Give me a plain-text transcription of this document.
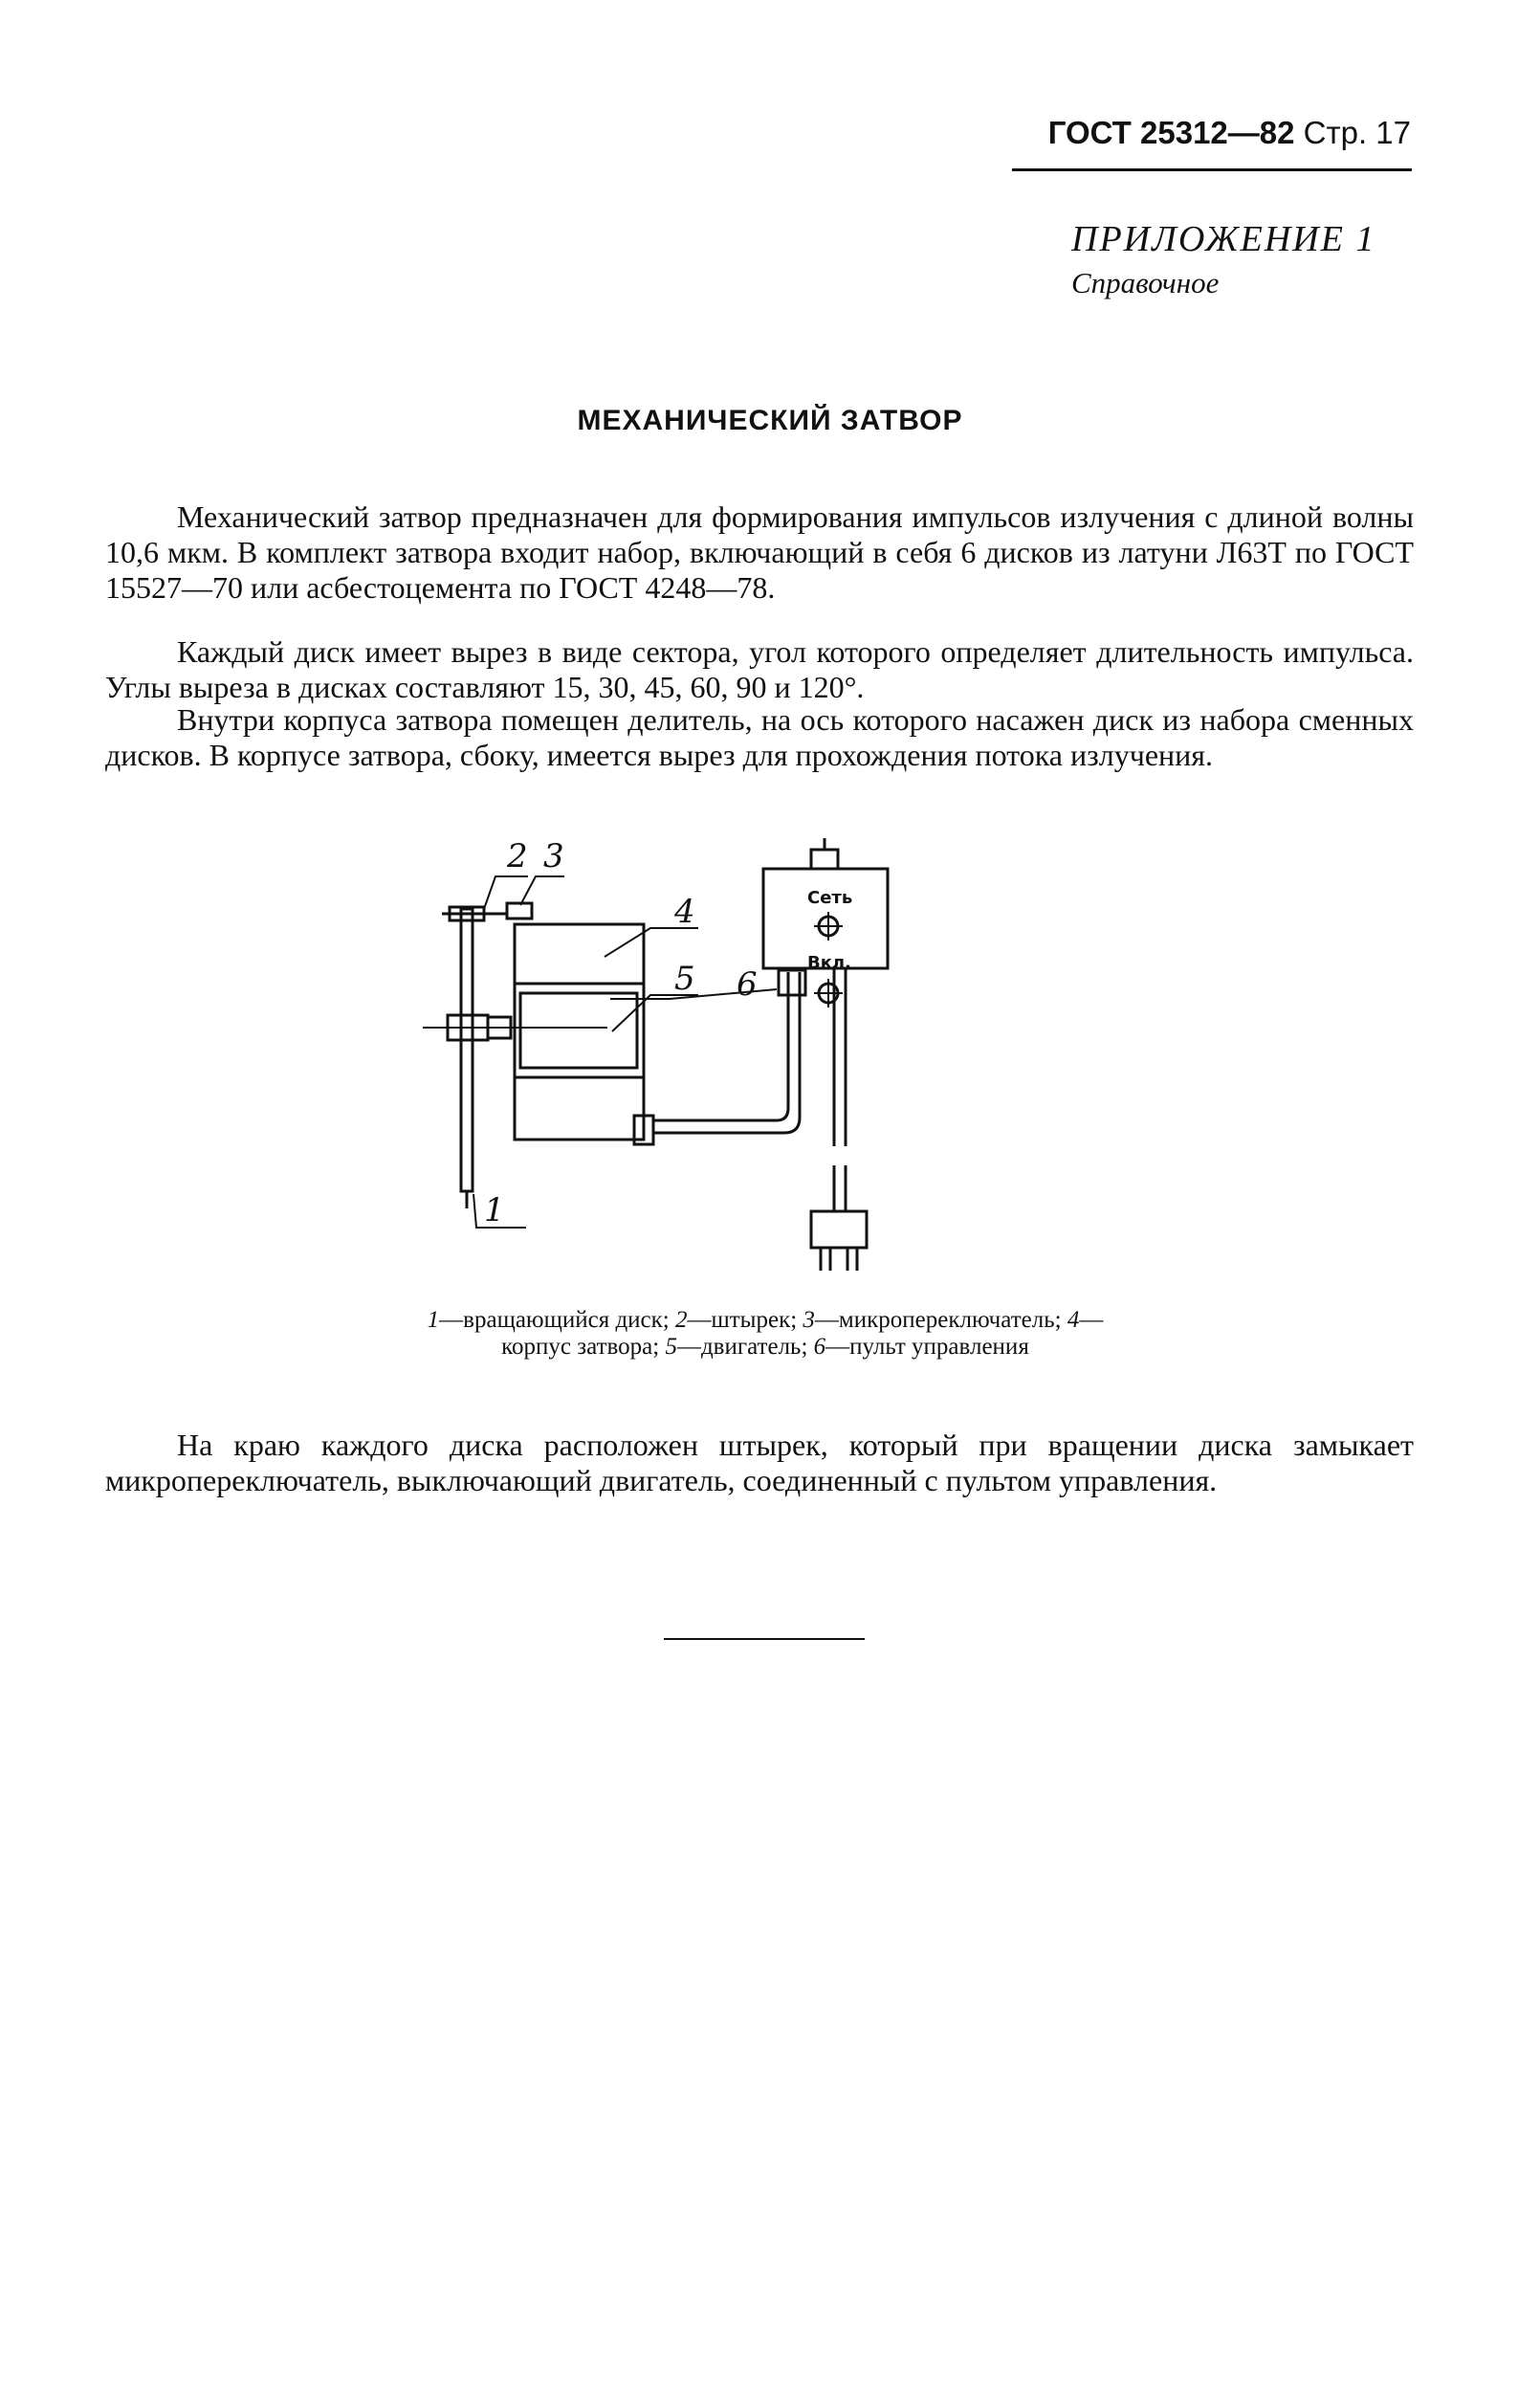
ГОСТ 25312—82 Стр. 17
ПРИЛОЖЕНИЕ 1
Справочное
МЕХАНИЧЕСКИЙ ЗАТВОР

Механический затвор предназначен для формирования импульсов излучения с длиной волны 10,6 мкм. В комплект затвора входит набор, включающий в себя 6 дисков из латуни Л63Т по ГОСТ 15527—70 или асбестоцемента по ГОСТ 4248—78.

Каждый диск имеет вырез в виде сектора, угол которого определяет длительность импульса. Углы выреза в дисках составляют 15, 30, 45, 60, 90 и 120°.

Внутри корпуса затвора помещен делитель, на ось которого насажен диск из набора сменных дисков. В корпусе затвора, сбоку, имеется вырез для прохождения потока излучения.

1
2 3
4
5 6
Сеть
Вкл.
1—вращающийся диск; 2—штырек; 3—микропереключатель; 4—корпус затвора; 5—двигатель; 6—пульт управления

На краю каждого диска расположен штырек, который при вращении диска замыкает микропереключатель, выключающий двигатель, соединенный с пультом управления.
